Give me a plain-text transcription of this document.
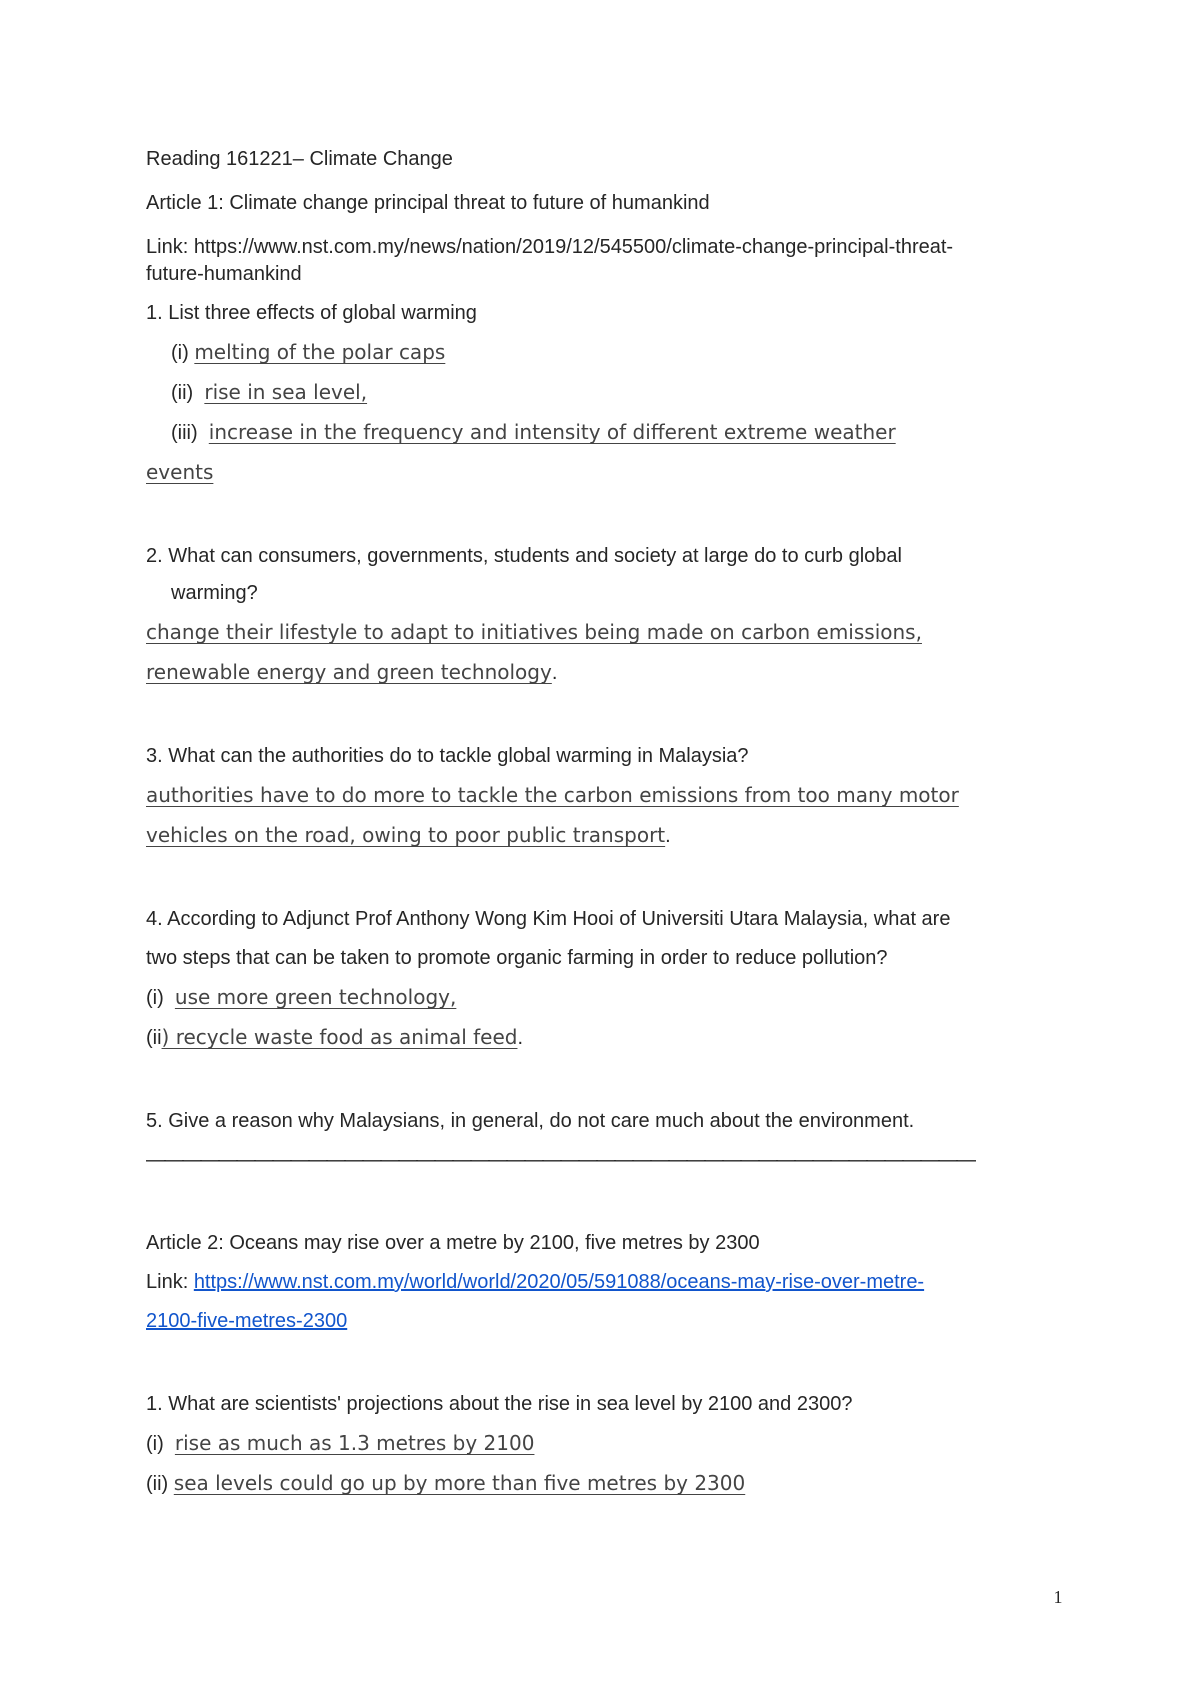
Reading 161221– Climate Change
Article 1: Climate change principal threat to future of humankind
Link: https://www.nst.com.my/news/nation/2019/12/545500/climate-change-principal-threat-
future-humankind
1. List three effects of global warming
(i) melting of the polar caps
(ii) rise in sea level,
(iii) increase in the frequency and intensity of different extreme weather
events
2. What can consumers, governments, students and society at large do to curb global
warming?
change their lifestyle to adapt to initiatives being made on carbon emissions,
renewable energy and green technology.
3. What can the authorities do to tackle global warming in Malaysia?
authorities have to do more to tackle the carbon emissions from too many motor
vehicles on the road, owing to poor public transport.
4. According to Adjunct Prof Anthony Wong Kim Hooi of Universiti Utara Malaysia, what are
two steps that can be taken to promote organic farming in order to reduce pollution?
(i) use more green technology,
(ii) recycle waste food as animal feed.
5. Give a reason why Malaysians, in general, do not care much about the environment.
——————————————————————————————————————————————
Article 2: Oceans may rise over a metre by 2100, five metres by 2300
Link: https://www.nst.com.my/world/world/2020/05/591088/oceans-may-rise-over-metre-
2100-five-metres-2300
1. What are scientists' projections about the rise in sea level by 2100 and 2300?
(i) rise as much as 1.3 metres by 2100
(ii) sea levels could go up by more than five metres by 2300
1
